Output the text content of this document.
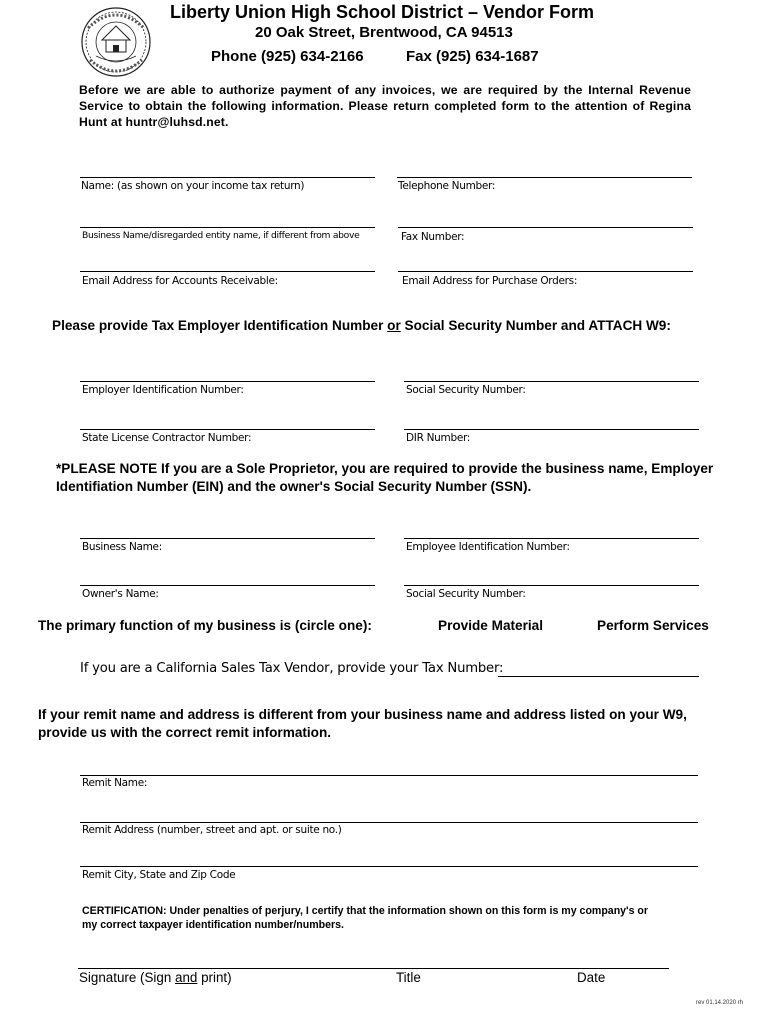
Liberty Union High School District – Vendor Form
20 Oak Street, Brentwood, CA 94513
Phone (925) 634-2166	Fax (925) 634-1687
Before we are able to authorize payment of any invoices, we are required by the Internal Revenue Service to obtain the following information. Please return completed form to the attention of Regina Hunt at huntr@luhsd.net.
Name: (as shown on your income tax return)	Telephone Number:
Business Name/disregarded entity name, if different from above	Fax Number:
Email Address for Accounts Receivable:	Email Address for Purchase Orders:
Please provide Tax Employer Identification Number or Social Security Number and ATTACH W9:
Employer Identification Number:	Social Security Number:
State License Contractor Number:	DIR Number:
*PLEASE NOTE If you are a Sole Proprietor, you are required to provide the business name, Employer Identifiation Number (EIN) and the owner's Social Security Number (SSN).
Business Name:	Employee Identification Number:
Owner's Name:	Social Security Number:
The primary function of my business is (circle one):	Provide Material	Perform Services
If you are a California Sales Tax Vendor, provide your Tax Number:
If your remit name and address is different from your business name and address listed on your W9, provide us with the correct remit information.
Remit Name:
Remit Address (number, street and apt. or suite no.)
Remit City, State and Zip Code
CERTIFICATION: Under penalties of perjury, I certify that the information shown on this form is my company's or my correct taxpayer identification number/numbers.
Signature (Sign and print)	Title	Date
rev 01.14.2020 rh
